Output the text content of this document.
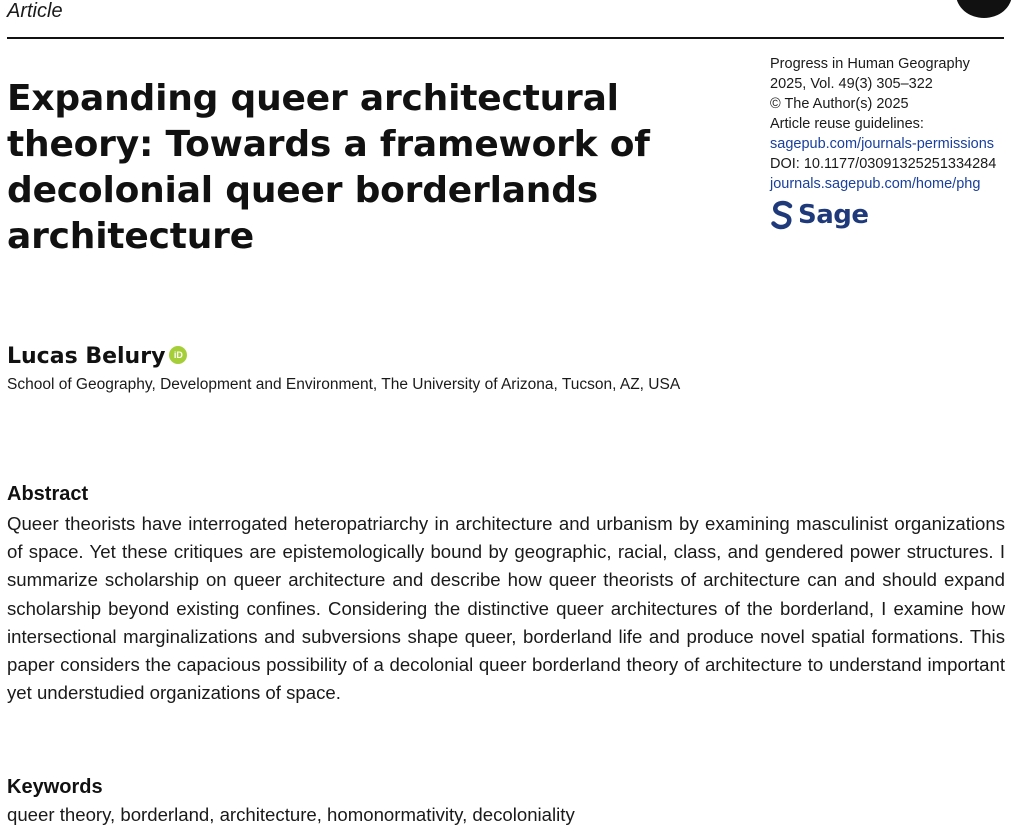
Article
Expanding queer architectural theory: Towards a framework of decolonial queer borderlands architecture
Progress in Human Geography
2025, Vol. 49(3) 305–322
© The Author(s) 2025
Article reuse guidelines:
sagepub.com/journals-permissions
DOI: 10.1177/03091325251334284
journals.sagepub.com/home/phg
Sage
Lucas Belury iD
School of Geography, Development and Environment, The University of Arizona, Tucson, AZ, USA
Abstract

Queer theorists have interrogated heteropatriarchy in architecture and urbanism by examining masculinist organizations of space. Yet these critiques are epistemologically bound by geographic, racial, class, and gendered power structures. I summarize scholarship on queer architecture and describe how queer theorists of architecture can and should expand scholarship beyond existing confines. Considering the distinctive queer architectures of the borderland, I examine how intersectional marginalizations and subversions shape queer, borderland life and produce novel spatial formations. This paper considers the capacious possibility of a decolonial queer borderland theory of architecture to understand important yet understudied organizations of space.

Keywords
queer theory, borderland, architecture, homonormativity, decoloniality
